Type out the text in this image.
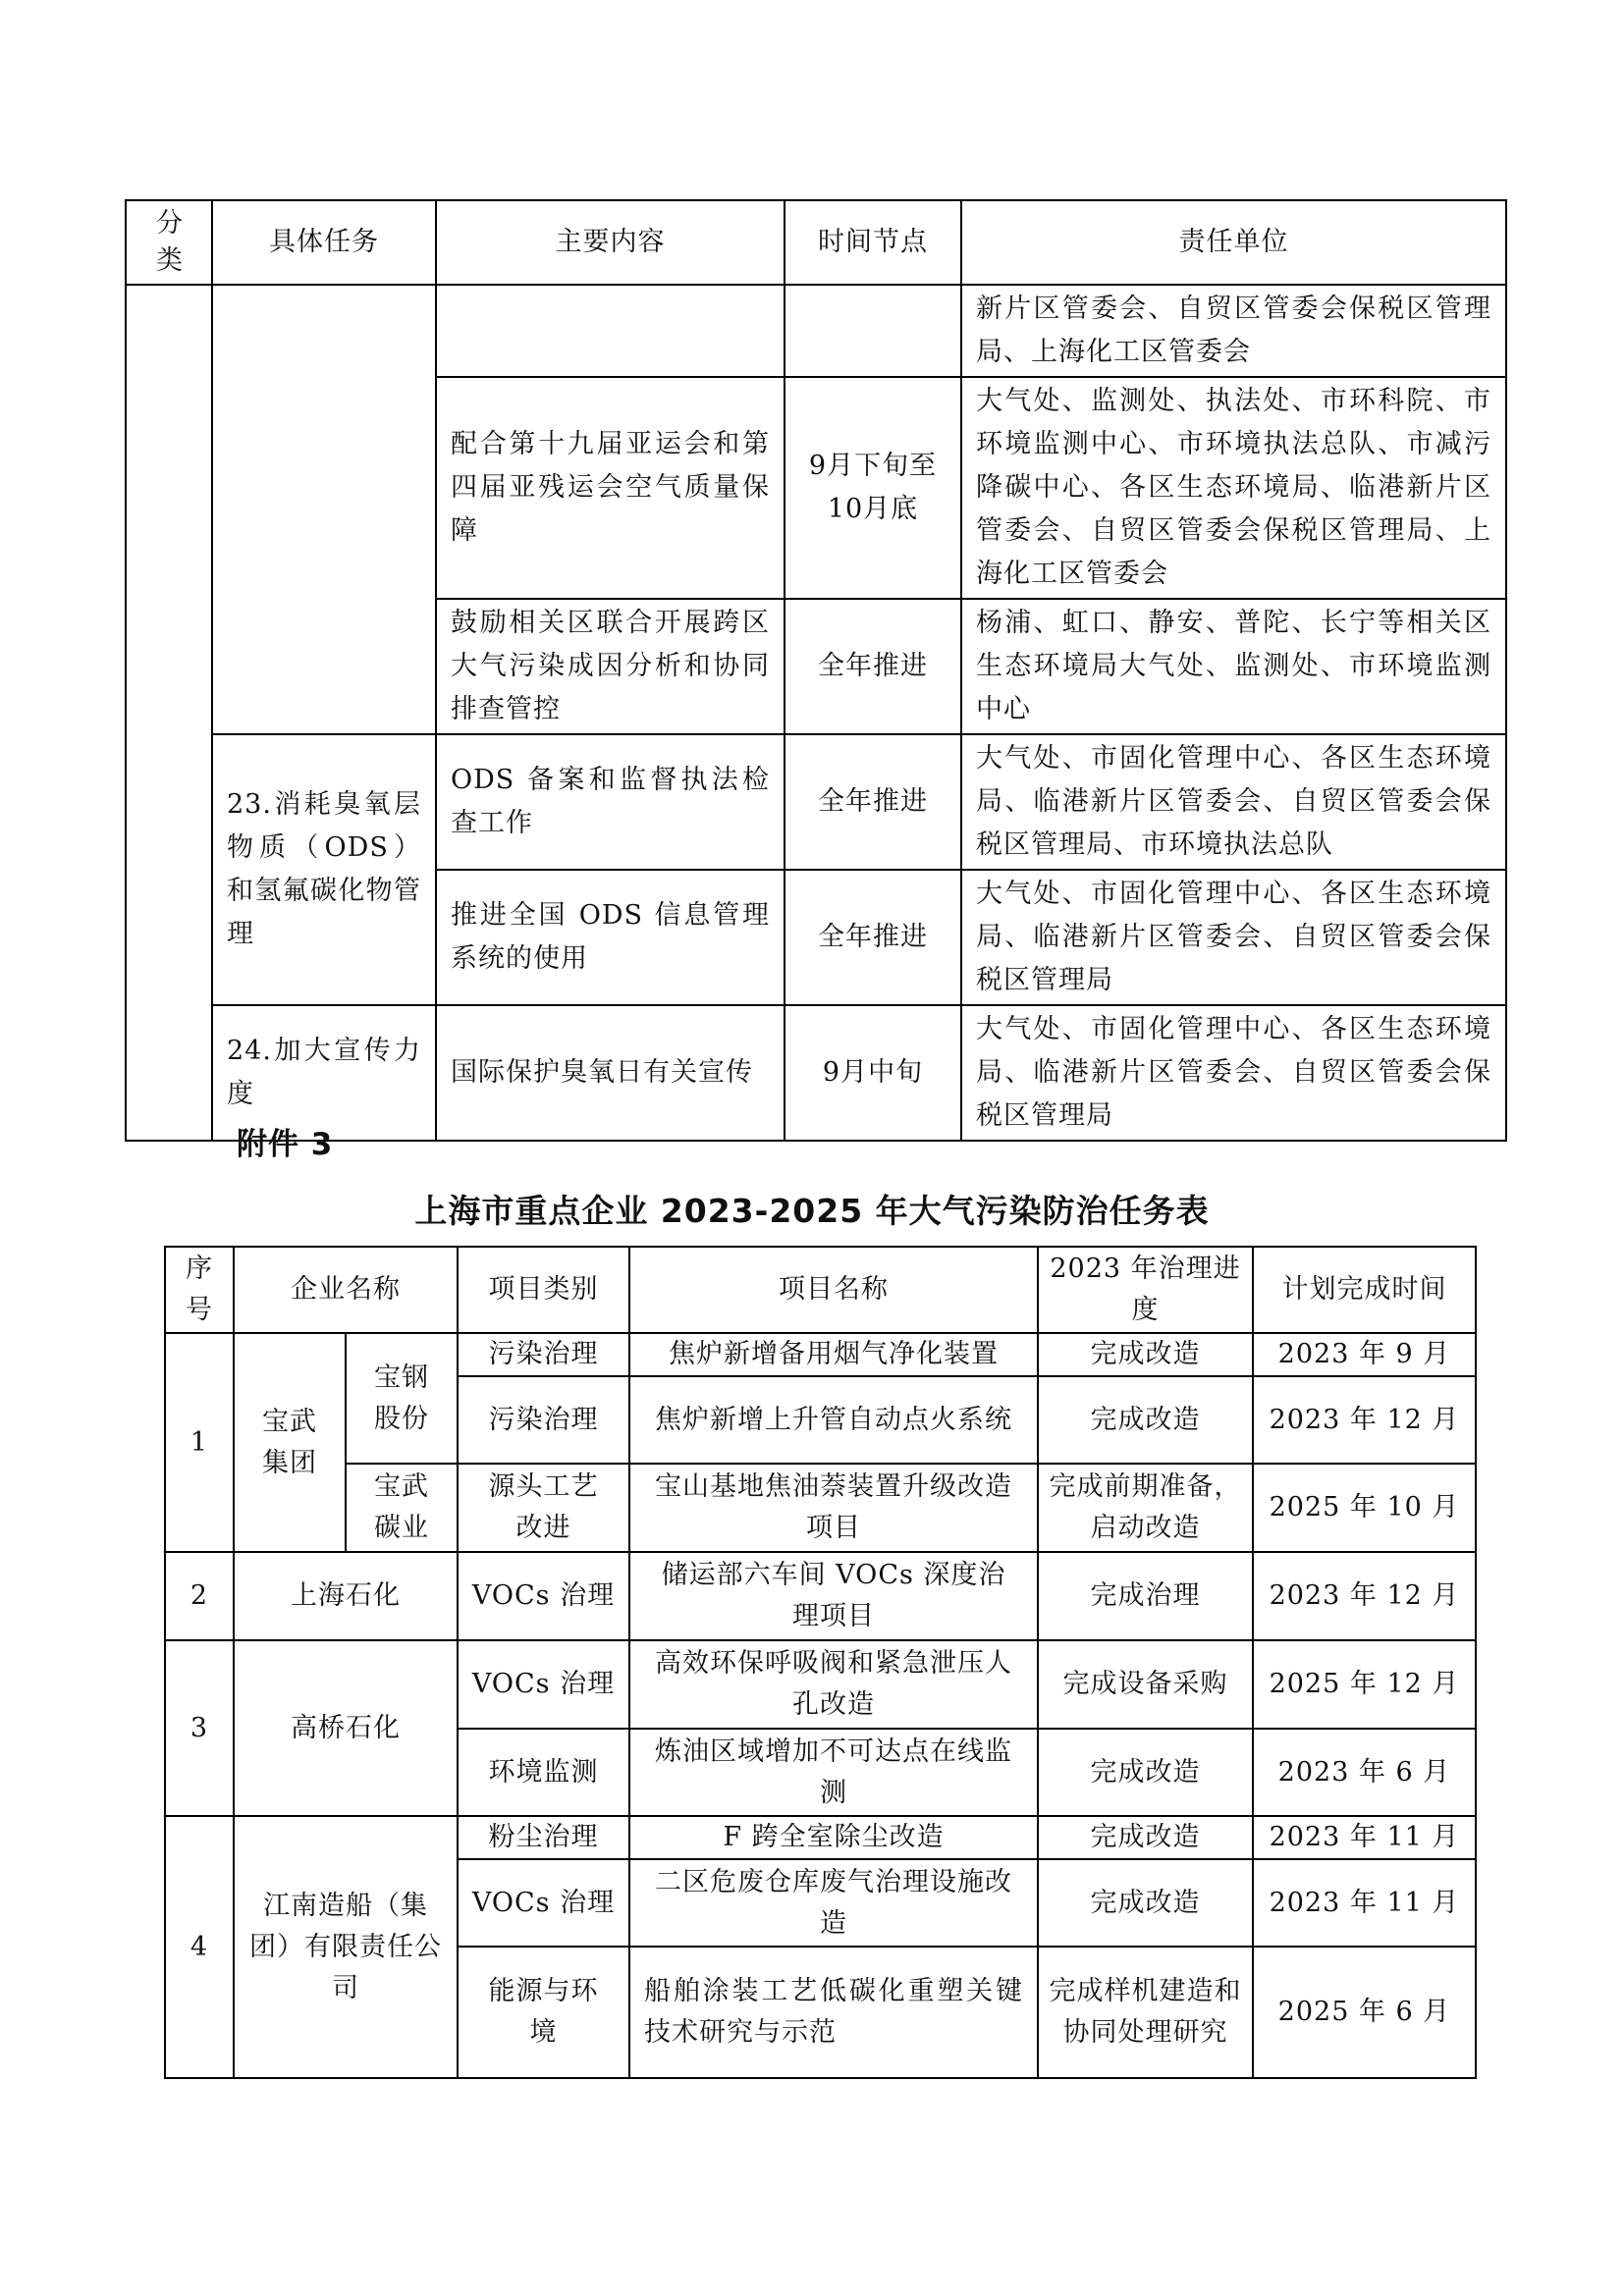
分类	具体任务	主要内容	时间节点	责任单位
				新片区管委会、自贸区管委会保税区管理局、上海化工区管委会
		配合第十九届亚运会和第四届亚残运会空气质量保障	9月下旬至10月底	大气处、监测处、执法处、市环科院、市环境监测中心、市环境执法总队、市减污降碳中心、各区生态环境局、临港新片区管委会、自贸区管委会保税区管理局、上海化工区管委会
		鼓励相关区联合开展跨区大气污染成因分析和协同排查管控	全年推进	杨浦、虹口、静安、普陀、长宁等相关区生态环境局大气处、监测处、市环境监测中心
	23.消耗臭氧层物质（ODS）和氢氟碳化物管理	ODS 备案和监督执法检查工作	全年推进	大气处、市固化管理中心、各区生态环境局、临港新片区管委会、自贸区管委会保税区管理局、市环境执法总队
		推进全国 ODS 信息管理系统的使用	全年推进	大气处、市固化管理中心、各区生态环境局、临港新片区管委会、自贸区管委会保税区管理局
	24.加大宣传力度	国际保护臭氧日有关宣传	9月中旬	大气处、市固化管理中心、各区生态环境局、临港新片区管委会、自贸区管委会保税区管理局
附件 3
上海市重点企业 2023-2025 年大气污染防治任务表
序号	企业名称		项目类别	项目名称	2023 年治理进度	计划完成时间
1	宝武集团	宝钢股份	污染治理	焦炉新增备用烟气净化装置	完成改造	2023 年 9 月
			污染治理	焦炉新增上升管自动点火系统	完成改造	2023 年 12 月
		宝武碳业	源头工艺改进	宝山基地焦油萘装置升级改造项目	完成前期准备，启动改造	2025 年 10 月
2	上海石化		VOCs 治理	储运部六车间 VOCs 深度治理项目	完成治理	2023 年 12 月
3	高桥石化		VOCs 治理	高效环保呼吸阀和紧急泄压人孔改造	完成设备采购	2025 年 12 月
			环境监测	炼油区域增加不可达点在线监测	完成改造	2023 年 6 月
4	江南造船（集团）有限责任公司		粉尘治理	F 跨全室除尘改造	完成改造	2023 年 11 月
			VOCs 治理	二区危废仓库废气治理设施改造	完成改造	2023 年 11 月
			能源与环境	船舶涂装工艺低碳化重塑关键技术研究与示范	完成样机建造和协同处理研究	2025 年 6 月
